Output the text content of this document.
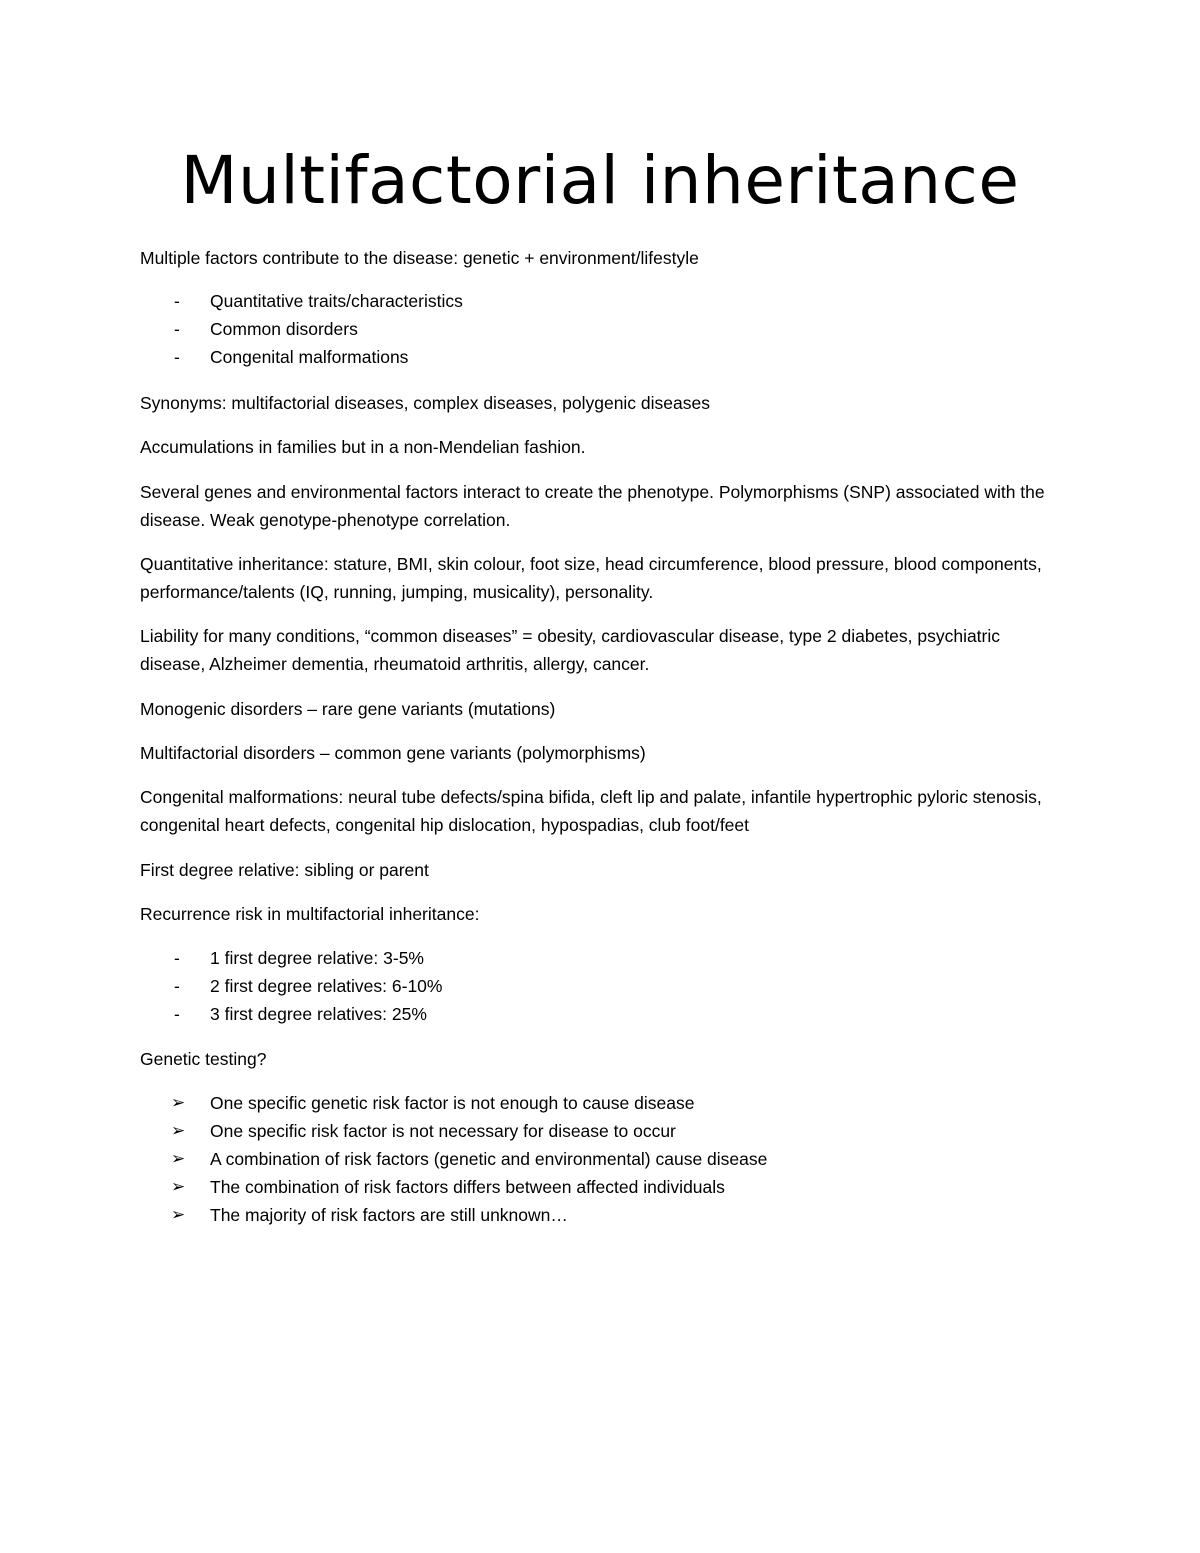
Multifactorial inheritance

Multiple factors contribute to the disease: genetic + environment/lifestyle

-	Quantitative traits/characteristics
-	Common disorders
-	Congenital malformations

Synonyms: multifactorial diseases, complex diseases, polygenic diseases

Accumulations in families but in a non-Mendelian fashion.

Several genes and environmental factors interact to create the phenotype. Polymorphisms (SNP) associated with the disease. Weak genotype-phenotype correlation.

Quantitative inheritance: stature, BMI, skin colour, foot size, head circumference, blood pressure, blood components, performance/talents (IQ, running, jumping, musicality), personality.

Liability for many conditions, “common diseases” = obesity, cardiovascular disease, type 2 diabetes, psychiatric disease, Alzheimer dementia, rheumatoid arthritis, allergy, cancer.

Monogenic disorders – rare gene variants (mutations)

Multifactorial disorders – common gene variants (polymorphisms)

Congenital malformations: neural tube defects/spina bifida, cleft lip and palate, infantile hypertrophic pyloric stenosis, congenital heart defects, congenital hip dislocation, hypospadias, club foot/feet

First degree relative: sibling or parent

Recurrence risk in multifactorial inheritance:

-	1 first degree relative: 3-5%
-	2 first degree relatives: 6-10%
-	3 first degree relatives: 25%

Genetic testing?

➢	One specific genetic risk factor is not enough to cause disease
➢	One specific risk factor is not necessary for disease to occur
➢	A combination of risk factors (genetic and environmental) cause disease
➢	The combination of risk factors differs between affected individuals
➢	The majority of risk factors are still unknown…
